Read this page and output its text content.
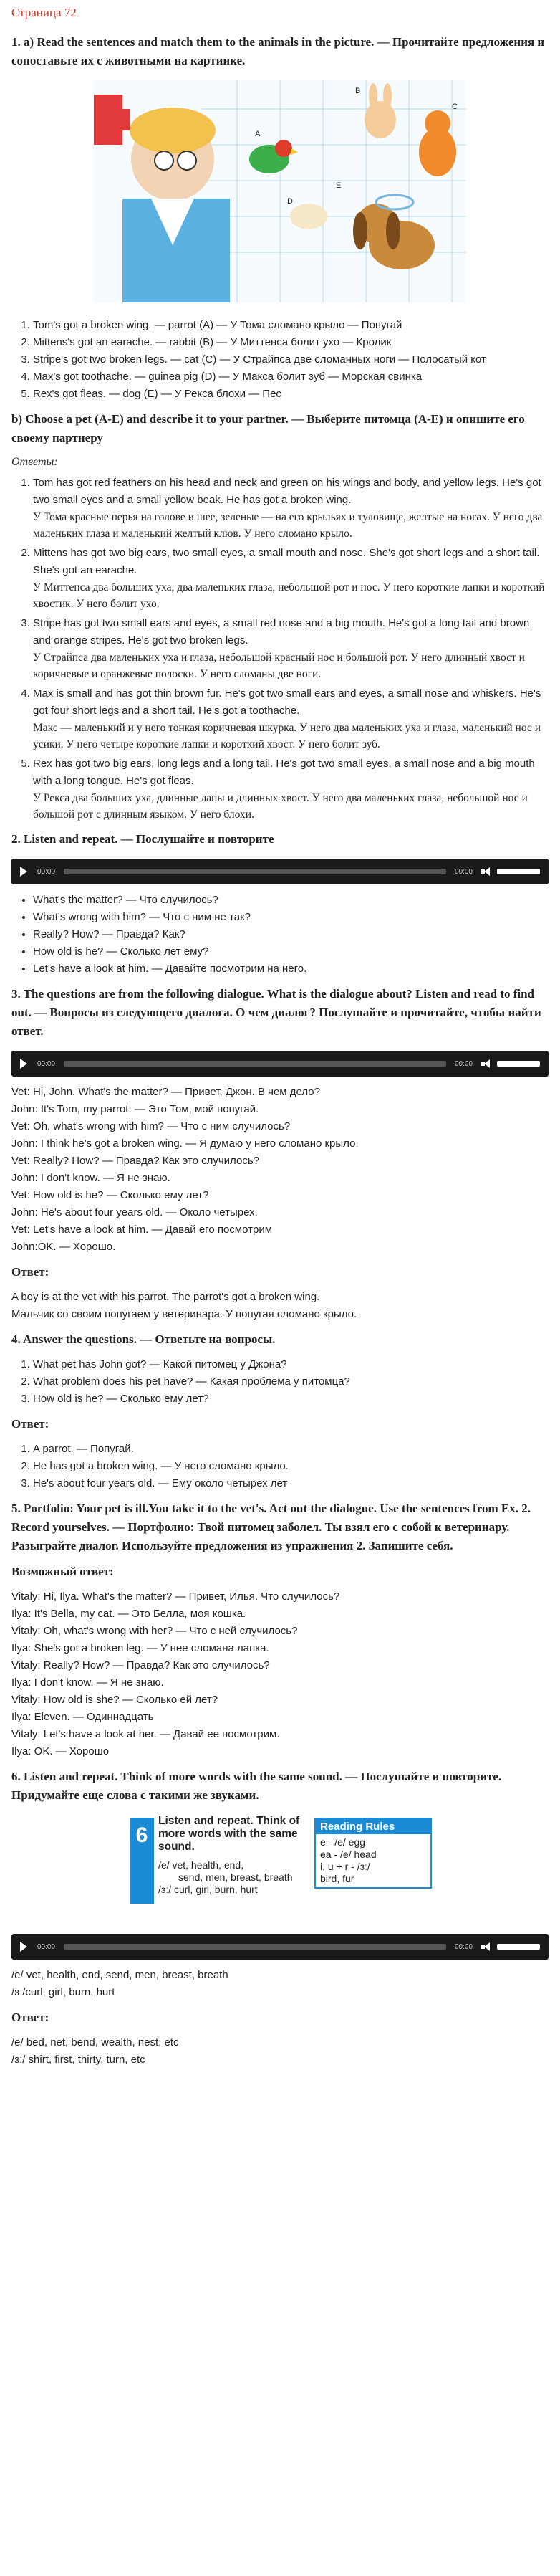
Страница 72
1. a) Read the sentences and match them to the animals in the picture. — Прочитайте предложения и сопоставьте их с животными на картинке.
A
B
C
D
E
1. Tom's got a broken wing. — parrot (A) — У Тома сломано крыло — Попугай
2. Mittens's got an earache. — rabbit (B) — У Миттенса болит ухо — Кролик
3. Stripe's got two broken legs. — cat (C) — У Страйпса две сломанных ноги — Полосатый кот
4. Max's got toothache. — guinea pig (D) — У Макса болит зуб — Морская свинка
5. Rex's got fleas. — dog (E) — У Рекса блохи — Пес
b) Choose a pet (A-E) and describe it to your partner. — Выберите питомца (A-E) и опишите его своему партнеру
Ответы:
1. Tom has got red feathers on his head and neck and green on his wings and body, and yellow legs. He's got two small eyes and a small yellow beak. He has got a broken wing.
У Тома красные перья на голове и шее, зеленые — на его крыльях и туловище, желтые на ногах. У него два маленьких глаза и маленький желтый клюв. У него сломано крыло.
2. Mittens has got two big ears, two small eyes, a small mouth and nose. She's got short legs and a short tail. She's got an earache.
У Миттенса два больших уха, два маленьких глаза, небольшой рот и нос. У него короткие лапки и короткий хвостик. У него болит ухо.
3. Stripe has got two small ears and eyes, a small red nose and a big mouth. He's got a long tail and brown and orange stripes. He's got two broken legs.
У Страйпса два маленьких уха и глаза, небольшой красный нос и большой рот. У него длинный хвост и коричневые и оранжевые полоски. У него сломаны две ноги.
4. Max is small and has got thin brown fur. He's got two small ears and eyes, a small nose and whiskers. He's got four short legs and a short tail. He's got a toothache.
Макс — маленький и у него тонкая коричневая шкурка. У него два маленьких уха и глаза, маленький нос и усики. У него четыре короткие лапки и короткий хвост. У него болит зуб.
5. Rex has got two big ears, long legs and a long tail. He's got two small eyes, a small nose and a big mouth with a long tongue. He's got fleas.
У Рекса два больших уха, длинные лапы и длинных хвост. У него два маленьких глаза, небольшой нос и большой рот с длинным языком. У него блохи.
2. Listen and repeat. — Послушайте и повторите
00:00	00:00
• What's the matter? — Что случилось?
• What's wrong with him? — Что с ним не так?
• Really? How? — Правда? Как?
• How old is he? — Сколько лет ему?
• Let's have a look at him. — Давайте посмотрим на него.
3. The questions are from the following dialogue. What is the dialogue about? Listen and read to find out. — Вопросы из следующего диалога. О чем диалог? Послушайте и прочитайте, чтобы найти ответ.
00:00	00:00
Vet: Hi, John. What's the matter? — Привет, Джон. В чем дело?
John: It's Tom, my parrot. — Это Том, мой попугай.
Vet: Oh, what's wrong with him? — Что с ним случилось?
John: I think he's got a broken wing. — Я думаю у него сломано крыло.
Vet: Really? How? — Правда? Как это случилось?
John: I don't know. — Я не знаю.
Vet: How old is he? — Сколько ему лет?
John: He's about four years old. — Около четырех.
Vet: Let's have a look at him. — Давай его посмотрим
John:OK. — Хорошо.
Ответ:
A boy is at the vet with his parrot. The parrot's got a broken wing.
Мальчик со своим попугаем у ветеринара. У попугая сломано крыло.
4. Answer the questions. — Ответьте на вопросы.
1. What pet has John got? — Какой питомец у Джона?
2. What problem does his pet have? — Какая проблема у питомца?
3. How old is he? — Сколько ему лет?
Ответ:
1. A parrot. — Попугай.
2. He has got a broken wing. — У него сломано крыло.
3. He's about four years old. — Ему около четырех лет
5. Portfolio: Your pet is ill.You take it to the vet's. Act out the dialogue. Use the sentences from Ex. 2. Record yourselves. — Портфолио: Твой питомец заболел. Ты взял его с собой к ветеринару. Разыграйте диалог. Используйте предложения из упражнения 2. Запишите себя.
Возможный ответ:
Vitaly: Hi, Ilya. What's the matter? — Привет, Илья. Что случилось?
Ilya: It's Bella, my cat. — Это Белла, моя кошка.
Vitaly: Oh, what's wrong with her? — Что с ней случилось?
Ilya: She's got a broken leg. — У нее сломана лапка.
Vitaly: Really? How? — Правда? Как это случилось?
Ilya: I don't know. — Я не знаю.
Vitaly: How old is she? — Сколько ей лет?
Ilya: Eleven. — Одиннадцать
Vitaly: Let's have a look at her. — Давай ее посмотрим.
Ilya: OK. — Хорошо
6. Listen and repeat. Think of more words with the same sound. — Послушайте и повторите. Придумайте еще слова с такими же звуками.
6
Listen and repeat. Think of more words with the same sound.
/e/ vet, health, end,
send, men, breast, breath
/ɜː/ curl, girl, burn, hurt
Reading Rules
e - /e/ egg
ea - /e/ head
i, u + r - /ɜː/
bird, fur
00:00	00:00
/e/ vet, health, end, send, men, breast, breath
/ɜː/curl, girl, burn, hurt
Ответ:
/e/ bed, net, bend, wealth, nest, etc
/ɜː/ shirt, first, thirty, turn, etc
